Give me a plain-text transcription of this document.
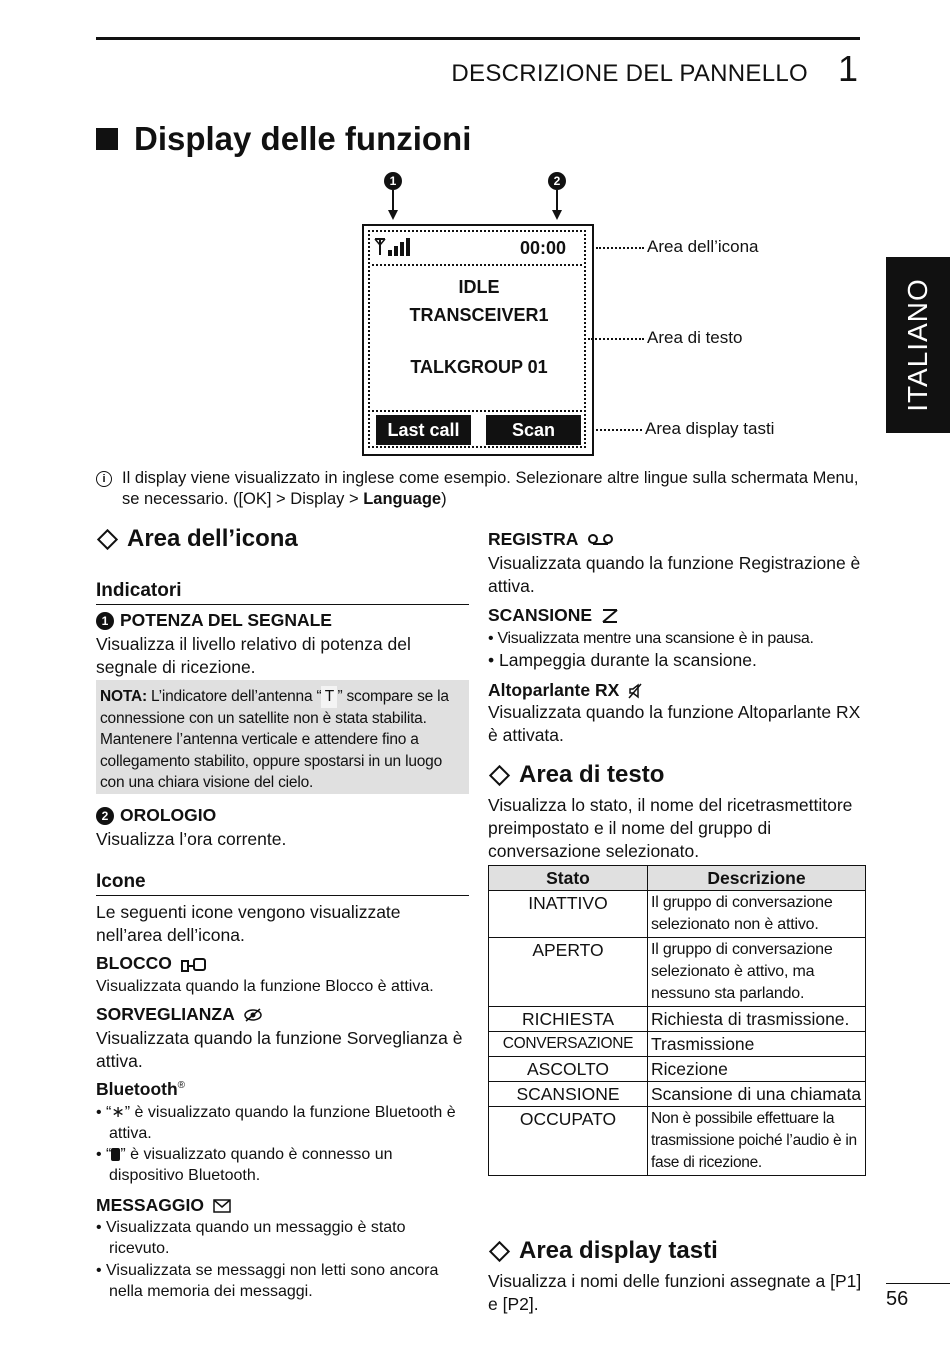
DESCRIZIONE DEL PANNELLO 1
ITALIANO
Display delle funzioni
1	2
00:00
IDLE
TRANSCEIVER1
TALKGROUP 01
Last call	Scan
Area dell’icona
Area di testo
Area display tasti
i Il display viene visualizzato in inglese come esempio. Selezionare altre lingue sulla schermata Menu, se necessario. ([OK] > Display > Language)
Area dell’icona
Indicatori
1 POTENZA DEL SEGNALE
Visualizza il livello relativo di potenza del segnale di ricezione.
NOTA: L’indicatore dell’antenna “ T ” scompare se la connessione con un satellite non è stata stabilita. Mantenere l’antenna verticale e attendere fino a collegamento stabilito, oppure spostarsi in un luogo con una chiara visione del cielo.
2 OROLOGIO
Visualizza l’ora corrente.
Icone
Le seguenti icone vengono visualizzate nell’area dell’icona.
BLOCCO
Visualizzata quando la funzione Blocco è attiva.
SORVEGLIANZA
Visualizzata quando la funzione Sorveglianza è attiva.
Bluetooth®
• “∗” è visualizzato quando la funzione Bluetooth è attiva.
• “ ” è visualizzato quando è connesso un dispositivo Bluetooth.
MESSAGGIO
• Visualizzata quando un messaggio è stato ricevuto.
• Visualizzata se messaggi non letti sono ancora nella memoria dei messaggi.
REGISTRA
Visualizzata quando la funzione Registrazione è attiva.
SCANSIONE
• Visualizzata mentre una scansione è in pausa.
• Lampeggia durante la scansione.
Altoparlante RX
Visualizzata quando la funzione Altoparlante RX è attivata.
Area di testo
Visualizza lo stato, il nome del ricetrasmettitore preimpostato e il nome del gruppo di conversazione selezionato.
Stato	Descrizione
INATTIVO	Il gruppo di conversazione selezionato non è attivo.
APERTO	Il gruppo di conversazione selezionato è attivo, ma nessuno sta parlando.
RICHIESTA	Richiesta di trasmissione.
CONVERSAZIONE	Trasmissione
ASCOLTO	Ricezione
SCANSIONE	Scansione di una chiamata
OCCUPATO	Non è possibile effettuare la trasmissione poiché l’audio è in fase di ricezione.
Area display tasti
Visualizza i nomi delle funzioni assegnate a [P1] e [P2].	56
